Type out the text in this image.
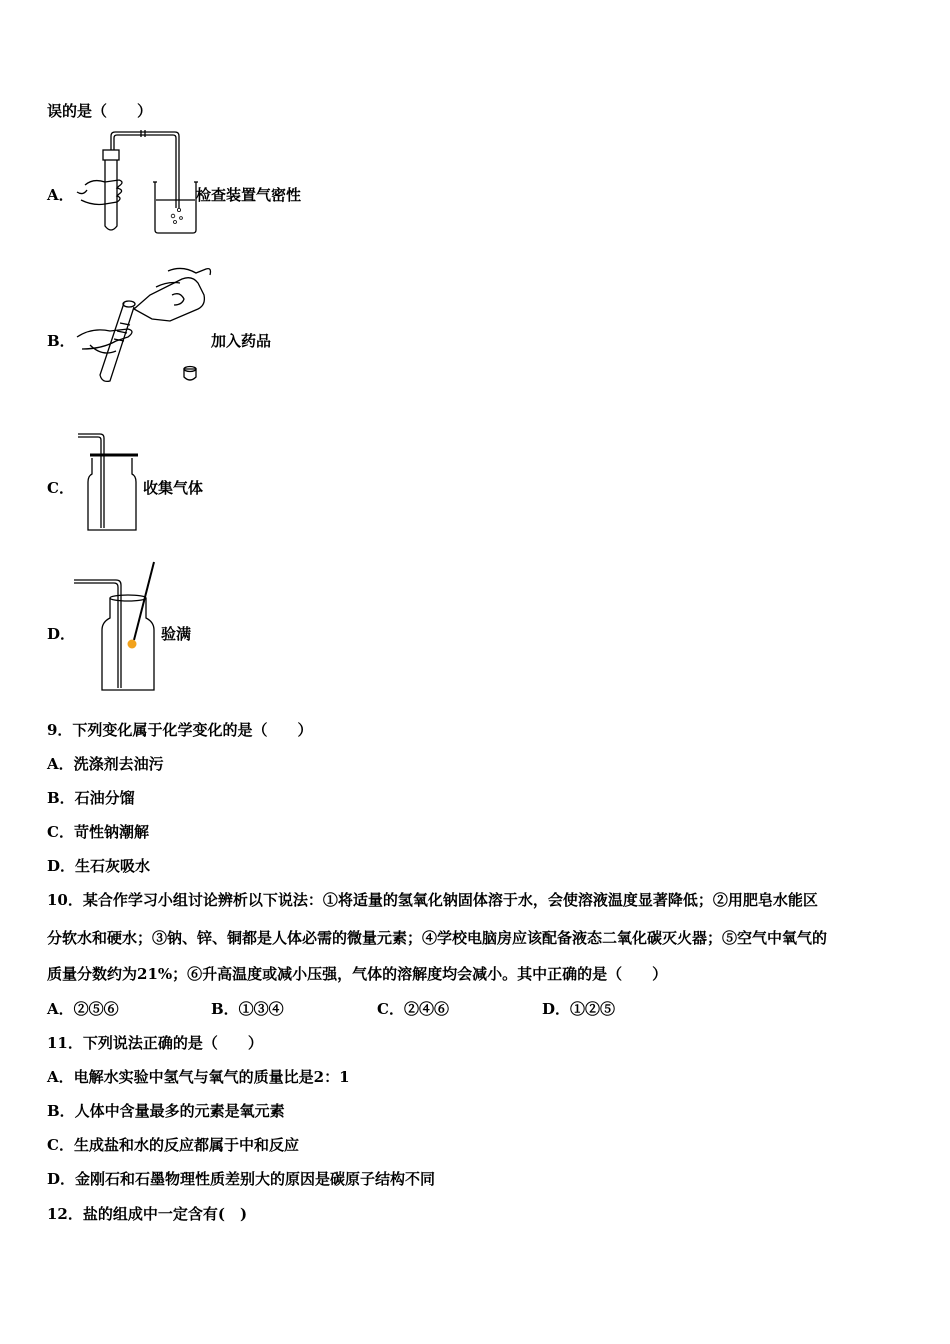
误的是（　　）
A．	检查装置气密性
B．	加入药品
C．	收集气体
D．	验满
9．下列变化属于化学变化的是（　　）
A．洗涤剂去油污
B．石油分馏
C．苛性钠潮解
D．生石灰吸水
10．某合作学习小组讨论辨析以下说法：①将适量的氢氧化钠固体溶于水，会使溶液温度显著降低；②用肥皂水能区
分软水和硬水；③钠、锌、铜都是人体必需的微量元素；④学校电脑房应该配备液态二氧化碳灭火器；⑤空气中氧气的
质量分数约为21%；⑥升高温度或减小压强，气体的溶解度均会减小。其中正确的是（　　）
A．②⑤⑥	B．①③④	C．②④⑥	D．①②⑤
11．下列说法正确的是（　　）
A．电解水实验中氢气与氧气的质量比是2：1
B．人体中含量最多的元素是氧元素
C．生成盐和水的反应都属于中和反应
D．金刚石和石墨物理性质差别大的原因是碳原子结构不同
12．盐的组成中一定含有(　)
